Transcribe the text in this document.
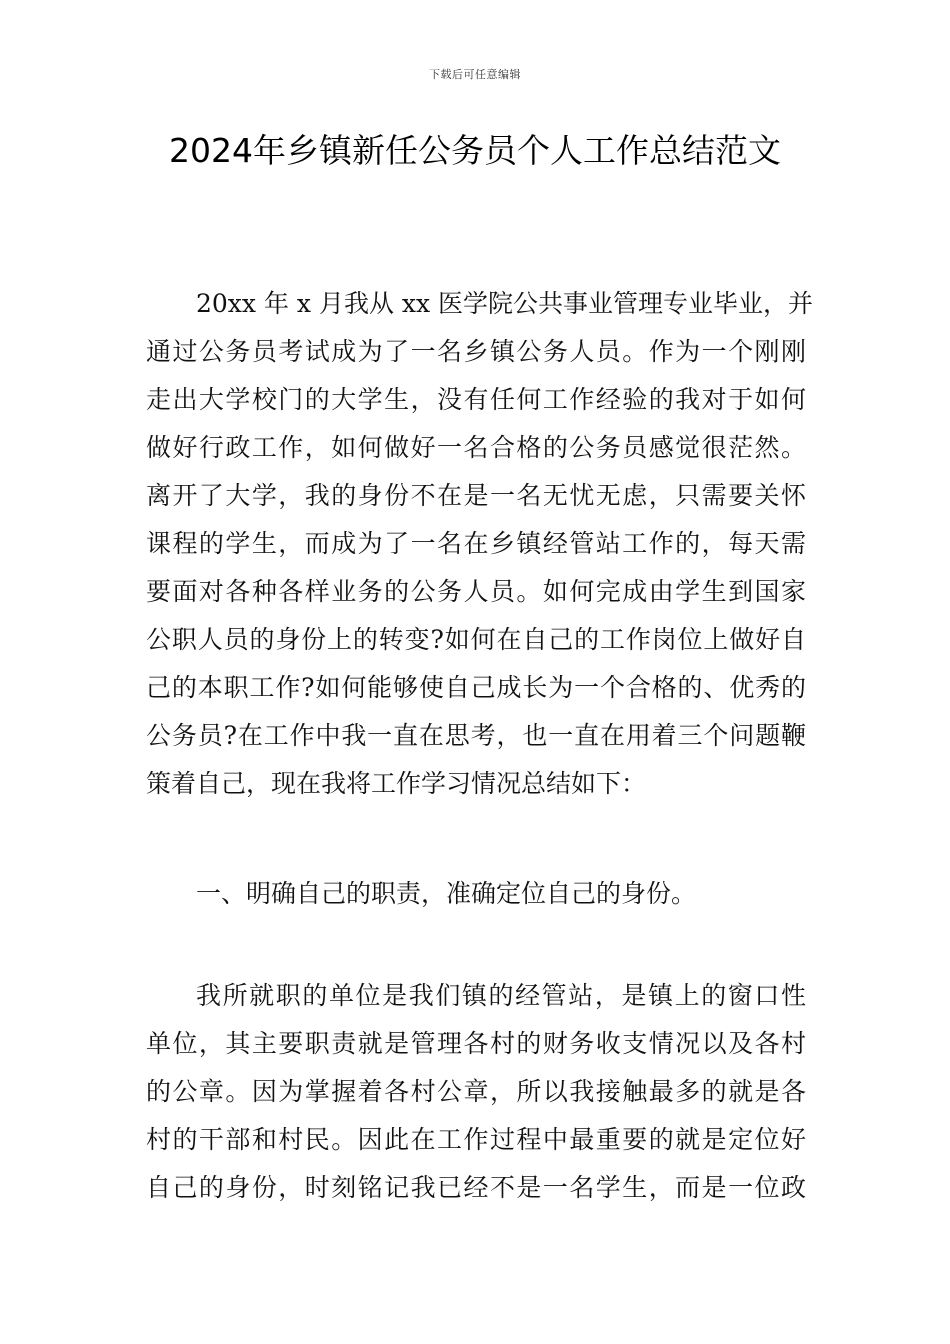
下载后可任意编辑
2024年乡镇新任公务员个人工作总结范文
20xx 年 x 月我从 xx 医学院公共事业管理专业毕业，并
通过公务员考试成为了一名乡镇公务人员。作为一个刚刚
走出大学校门的大学生，没有任何工作经验的我对于如何
做好行政工作，如何做好一名合格的公务员感觉很茫然。
离开了大学，我的身份不在是一名无忧无虑，只需要关怀
课程的学生，而成为了一名在乡镇经管站工作的，每天需
要面对各种各样业务的公务人员。如何完成由学生到国家
公职人员的身份上的转变?如何在自己的工作岗位上做好自
己的本职工作?如何能够使自己成长为一个合格的、优秀的
公务员?在工作中我一直在思考，也一直在用着三个问题鞭
策着自己，现在我将工作学习情况总结如下：
一、明确自己的职责，准确定位自己的身份。
我所就职的单位是我们镇的经管站，是镇上的窗口性
单位，其主要职责就是管理各村的财务收支情况以及各村
的公章。因为掌握着各村公章，所以我接触最多的就是各
村的干部和村民。因此在工作过程中最重要的就是定位好
自己的身份，时刻铭记我已经不是一名学生，而是一位政
